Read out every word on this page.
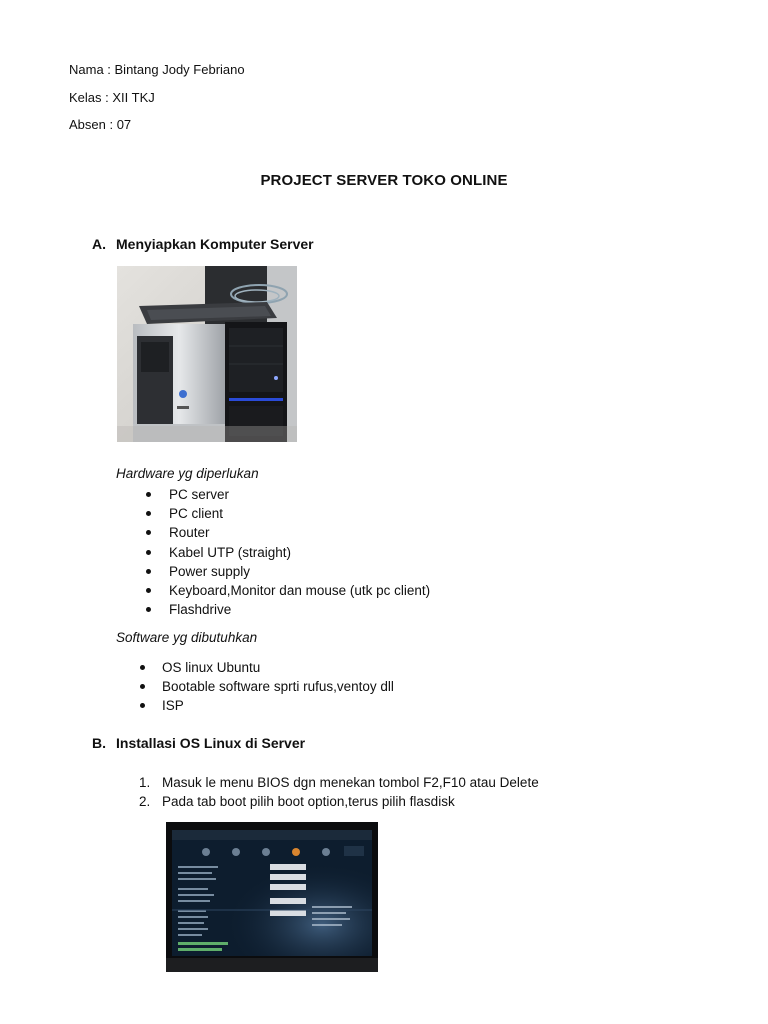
Nama : Bintang Jody Febriano
Kelas : XII TKJ
Absen : 07
PROJECT SERVER TOKO ONLINE
A. Menyiapkan Komputer Server
Hardware yg diperlukan
PC server
PC client
Router
Kabel UTP (straight)
Power supply
Keyboard,Monitor dan mouse (utk pc client)
Flashdrive
Software yg dibutuhkan
OS linux Ubuntu
Bootable software sprti rufus,ventoy dll
ISP
B. Installasi OS Linux di Server
1. Masuk le menu BIOS dgn menekan tombol F2,F10 atau Delete
2. Pada tab boot pilih boot option,terus pilih flasdisk
